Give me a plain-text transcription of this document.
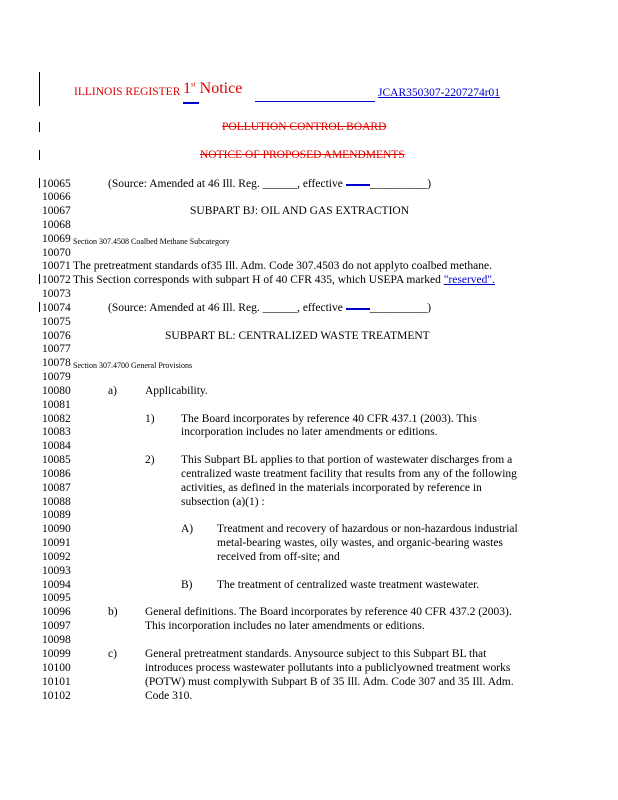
ILLINOIS REGISTER 1st Notice	JCAR350307-2207274r01
POLLUTION CONTROL BOARD
NOTICE OF PROPOSED AMENDMENTS
10065
10066
10067
10068
10069
10070
10071
10072
10073
10074
10075
10076
10077
10078
10079
10080
10081
10082
10083
10084
10085
10086
10087
10088
10089
10090
10091
10092
10093
10094
10095
10096
10097
10098
10099
10100
10101
10102
(Source: Amended at 46 Ill. Reg. ______, effective __________)
SUBPART BJ: OIL AND GAS EXTRACTION
Section 307.4508 Coalbed Methane Subcategory
The pretreatment standards of35 Ill. Adm. Code 307.4503 do not applyto coalbed methane.
This Section corresponds with subpart H of 40 CFR 435, which USEPA marked "reserved".
(Source: Amended at 46 Ill. Reg. ______, effective __________)
SUBPART BL: CENTRALIZED WASTE TREATMENT
Section 307.4700 General Provisions
a) Applicability.
1) The Board incorporates by reference 40 CFR 437.1 (2003). This
incorporation includes no later amendments or editions.
2) This Subpart BL applies to that portion of wastewater discharges from a
centralized waste treatment facility that results from any of the following
activities, as defined in the materials incorporated by reference in
subsection (a)(1) :
A) Treatment and recovery of hazardous or non-hazardous industrial
metal-bearing wastes, oily wastes, and organic-bearing wastes
received from off-site; and
B) The treatment of centralized waste treatment wastewater.
b) General definitions. The Board incorporates by reference 40 CFR 437.2 (2003).
This incorporation includes no later amendments or editions.
c) General pretreatment standards. Anysource subject to this Subpart BL that
introduces process wastewater pollutants into a publiclyowned treatment works
(POTW) must complywith Subpart B of 35 Ill. Adm. Code 307 and 35 Ill. Adm.
Code 310.
